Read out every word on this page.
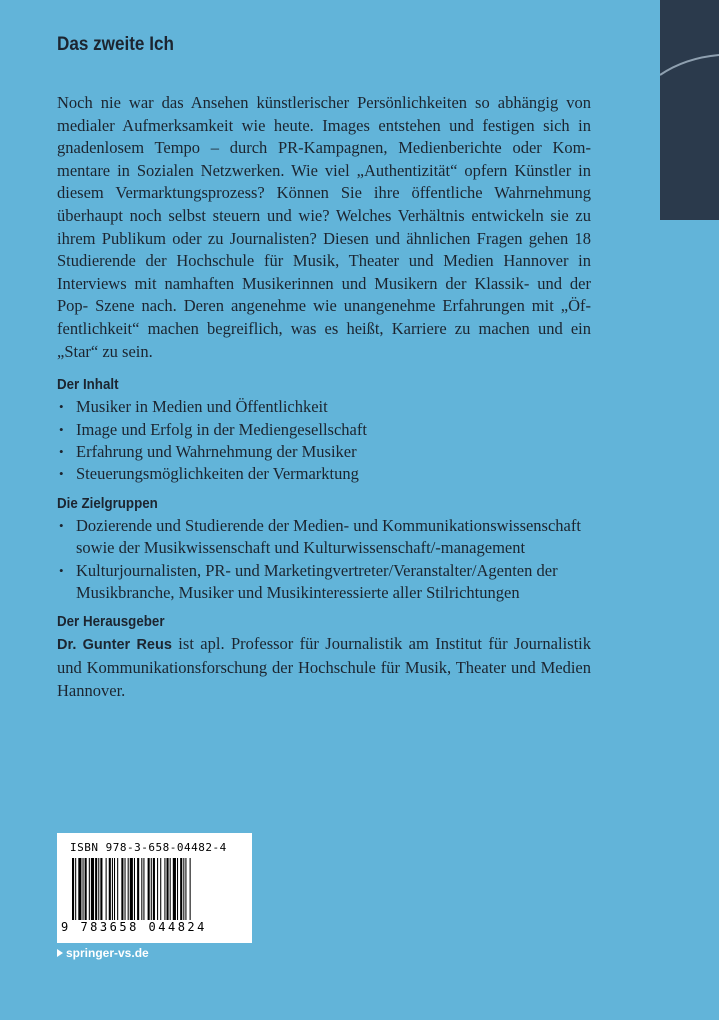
Das zweite Ich

Noch nie war das Ansehen künstlerischer Persönlichkeiten so abhängig von medialer Aufmerksamkeit wie heute. Images entstehen und festigen sich in gnadenlosem Tempo – durch PR-Kampagnen, Medienberichte oder Kommentare in Sozialen Netzwerken. Wie viel „Authentizität“ opfern Künstler in diesem Vermarktungsprozess? Können Sie ihre öffentliche Wahrnehmung überhaupt noch selbst steuern und wie? Welches Verhältnis entwickeln sie zu ihrem Publikum oder zu Journalisten? Diesen und ähnlichen Fragen gehen 18 Studierende der Hochschule für Musik, Theater und Medien Hannover in Interviews mit namhaften Musikerinnen und Musikern der Klassik- und der Pop- Szene nach. Deren angenehme wie unangenehme Erfahrungen mit „Öffentlichkeit“ machen begreiflich, was es heißt, Karriere zu machen und ein „Star“ zu sein.

Der Inhalt
• Musiker in Medien und Öffentlichkeit
• Image und Erfolg in der Mediengesellschaft
• Erfahrung und Wahrnehmung der Musiker
• Steuerungsmöglichkeiten der Vermarktung
Die Zielgruppen
• Dozierende und Studierende der Medien- und Kommunikationswissenschaft sowie der Musikwissenschaft und Kulturwissenschaft/-management
• Kulturjournalisten, PR- und Marketingvertreter/Veranstalter/Agenten der Musikbranche, Musiker und Musikinteressierte aller Stilrichtungen
Der Herausgeber

Dr. Gunter Reus ist apl. Professor für Journalistik am Institut für Journalistik und Kommunikationsforschung der Hochschule für Musik, Theater und Medien Hannover.

ISBN 978-3-658-04482-4
9 783658 044824
springer-vs.de
